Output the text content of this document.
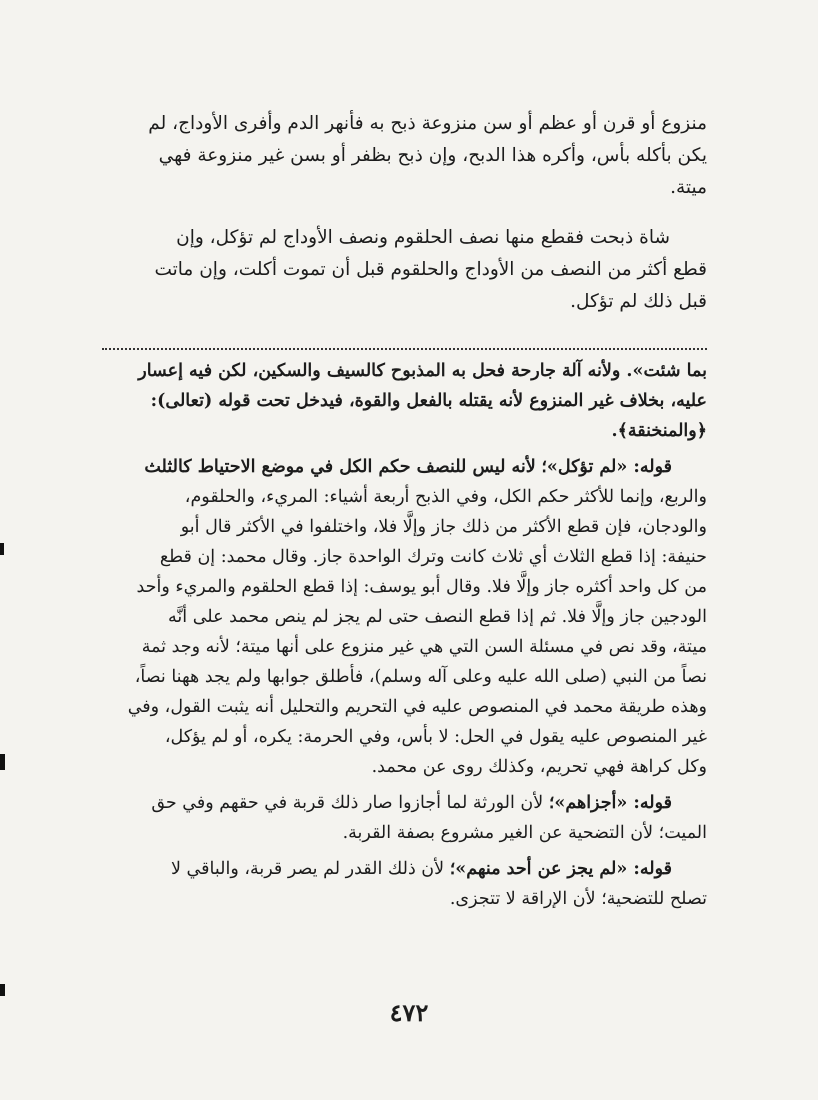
منزوع أو قرن أو عظم أو سن منزوعة ذبح به فأنهر الدم وأفرى الأوداج، لم
يكن بأكله بأس، وأكره هذا الدبح، وإن ذبح بظفر أو بسن غير منزوعة فهي
ميتة.

  شاة ذبحت فقطع منها نصف الحلقوم ونصف الأوداج لم تؤكل، وإن
قطع أكثر من النصف من الأوداج والحلقوم قبل أن تموت أكلت، وإن ماتت
قبل ذلك لم تؤكل.

بما شئت». ولأنه آلة جارحة فحل به المذبوح كالسيف والسكين، لكن فيه إعسار
عليه، بخلاف غير المنزوع لأنه يقتله بالفعل والقوة، فيدخل تحت قوله (تعالى):
﴿والمنخنقة﴾.

  قوله: «لم تؤكل»؛ لأنه ليس للنصف حكم الكل في موضع الاحتياط كالثلث
والربع، وإنما للأكثر حكم الكل، وفي الذبح أربعة أشياء: المريء، والحلقوم،
والودجان، فإن قطع الأكثر من ذلك جاز وإلَّا فلا، واختلفوا في الأكثر قال أبو
حنيفة: إذا قطع الثلاث أي ثلاث كانت وترك الواحدة جاز. وقال محمد: إن قطع
من كل واحد أكثره جاز وإلَّا فلا. وقال أبو يوسف: إذا قطع الحلقوم والمريء وأحد
الودجين جاز وإلَّا فلا. ثم إذا قطع النصف حتى لم يجز لم ينص محمد على أنَّه
ميتة، وقد نص في مسئلة السن التي هي غير منزوع على أنها ميتة؛ لأنه وجد ثمة
نصاً من النبي (صلى الله عليه وعلى آله وسلم)، فأطلق جوابها ولم يجد ههنا نصاً،
وهذه طريقة محمد في المنصوص عليه في التحريم والتحليل أنه يثبت القول، وفي
غير المنصوص عليه يقول في الحل: لا بأس، وفي الحرمة: يكره، أو لم يؤكل،
وكل كراهة فهي تحريم، وكذلك روى عن محمد.

  قوله: «أجزاهم»؛ لأن الورثة لما أجازوا صار ذلك قربة في حقهم وفي حق
الميت؛ لأن التضحية عن الغير مشروع بصفة القربة.

  قوله: «لم يجز عن أحد منهم»؛ لأن ذلك القدر لم يصر قربة، والباقي لا
تصلح للتضحية؛ لأن الإراقة لا تتجزى.

٤٧٢
